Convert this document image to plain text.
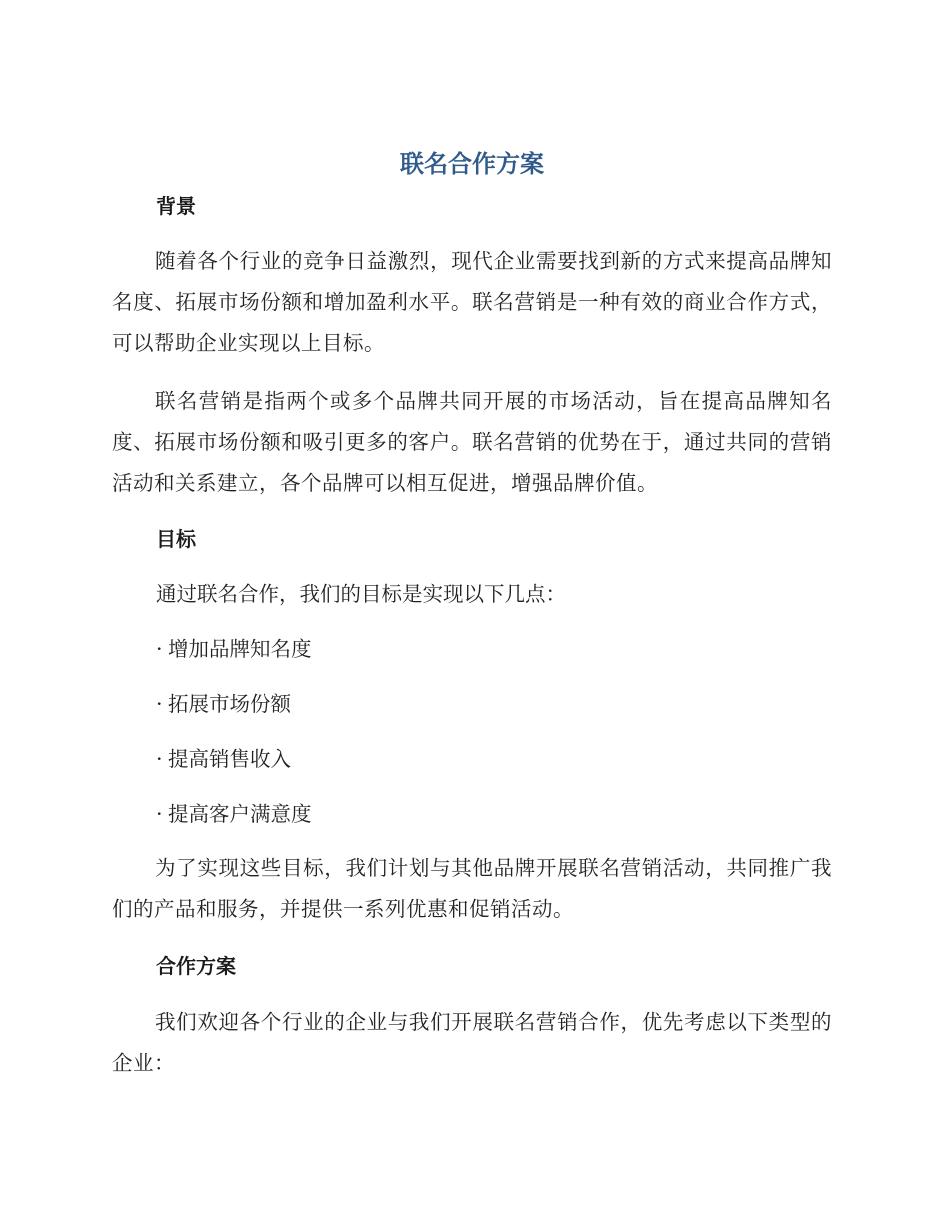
联名合作方案
背景

随着各个行业的竞争日益激烈，现代企业需要找到新的方式来提高品牌知名度、拓展市场份额和增加盈利水平。联名营销是一种有效的商业合作方式，可以帮助企业实现以上目标。

联名营销是指两个或多个品牌共同开展的市场活动，旨在提高品牌知名度、拓展市场份额和吸引更多的客户。联名营销的优势在于，通过共同的营销活动和关系建立，各个品牌可以相互促进，增强品牌价值。

目标

通过联名合作，我们的目标是实现以下几点：

· 增加品牌知名度

· 拓展市场份额

· 提高销售收入

· 提高客户满意度

为了实现这些目标，我们计划与其他品牌开展联名营销活动，共同推广我们的产品和服务，并提供一系列优惠和促销活动。

合作方案

我们欢迎各个行业的企业与我们开展联名营销合作，优先考虑以下类型的企业：
